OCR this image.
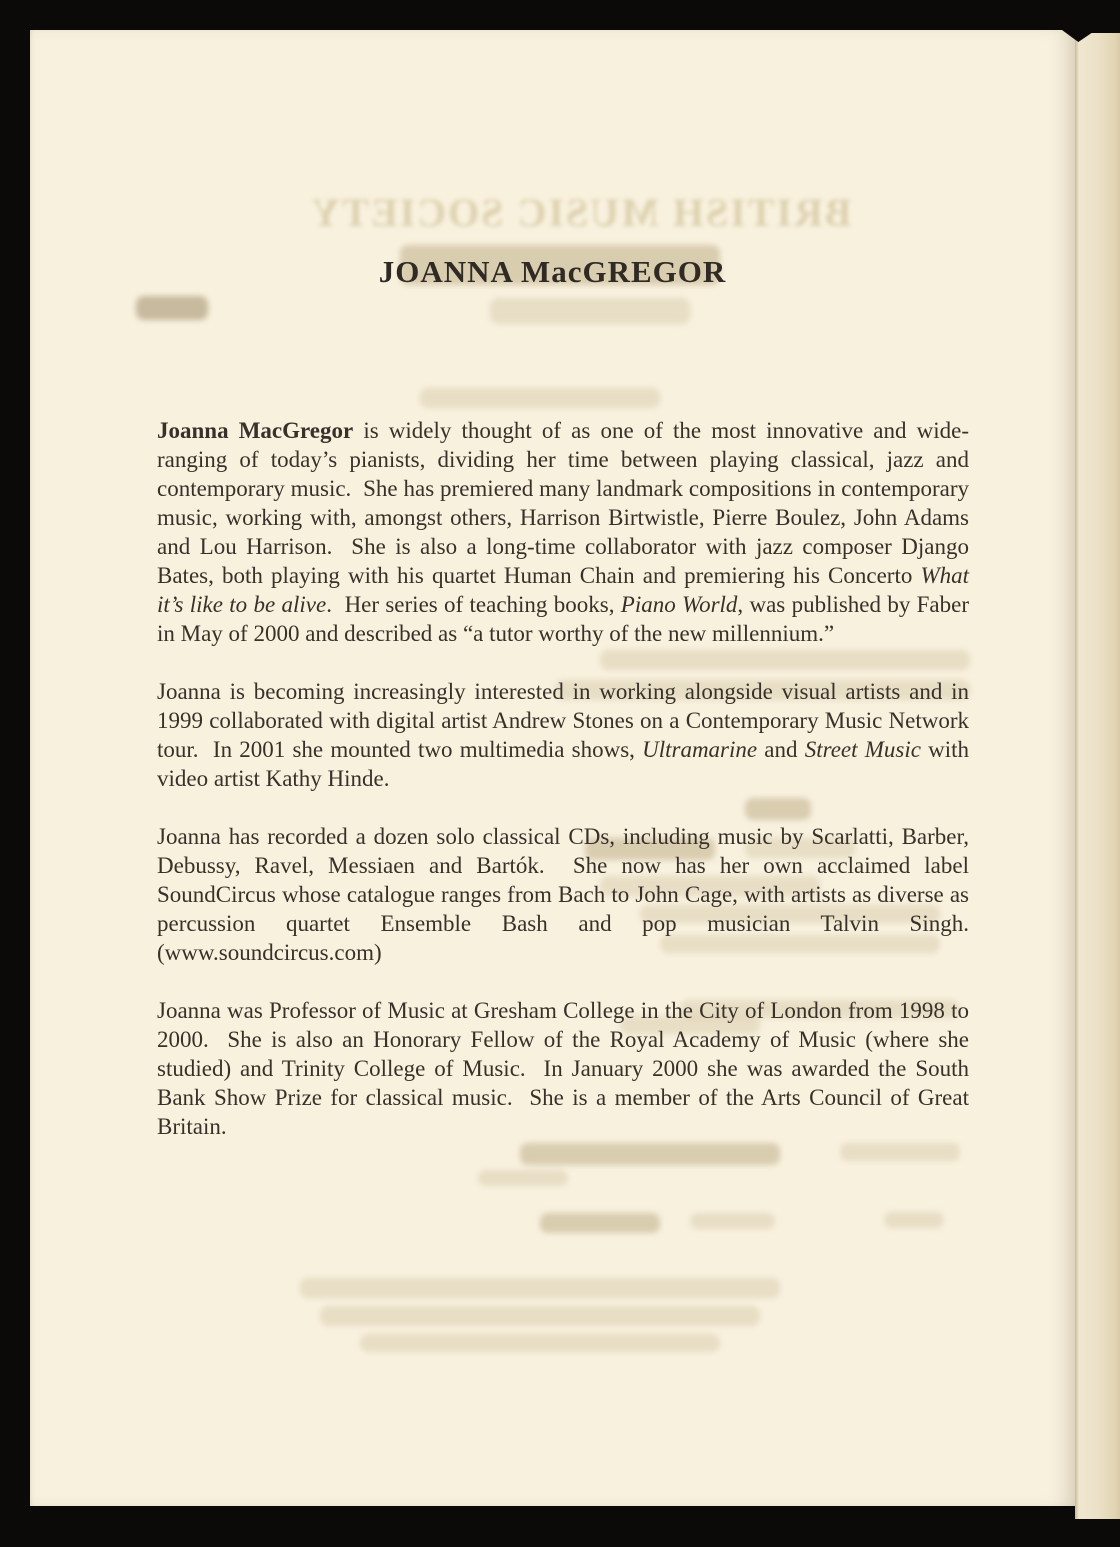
BRITISH MUSIC SOCIETY
JOANNA MacGREGOR

Joanna MacGregor is widely thought of as one of the most innovative and wide-ranging of today’s pianists, dividing her time between playing classical, jazz and contemporary music.  She has premiered many landmark compositions in contemporary music, working with, amongst others, Harrison Birtwistle, Pierre Boulez, John Adams and Lou Harrison.  She is also a long-time collaborator with jazz composer Django Bates, both playing with his quartet Human Chain and premiering his Concerto What it’s like to be alive.  Her series of teaching books, Piano World, was published by Faber in May of 2000 and described as “a tutor worthy of the new millennium.”

Joanna is becoming increasingly interested in working alongside visual artists and in 1999 collaborated with digital artist Andrew Stones on a Contemporary Music Network tour.  In 2001 she mounted two multimedia shows, Ultramarine and Street Music with video artist Kathy Hinde.

Joanna has recorded a dozen solo classical CDs, including music by Scarlatti, Barber, Debussy, Ravel, Messiaen and Bartók.  She now has her own acclaimed label SoundCircus whose catalogue ranges from Bach to John Cage, with artists as diverse as percussion quartet Ensemble Bash and pop musician Talvin Singh. (www.soundcircus.com)

Joanna was Professor of Music at Gresham College in the City of London from 1998 to 2000.  She is also an Honorary Fellow of the Royal Academy of Music (where she studied) and Trinity College of Music.  In January 2000 she was awarded the South Bank Show Prize for classical music.  She is a member of the Arts Council of Great Britain.
